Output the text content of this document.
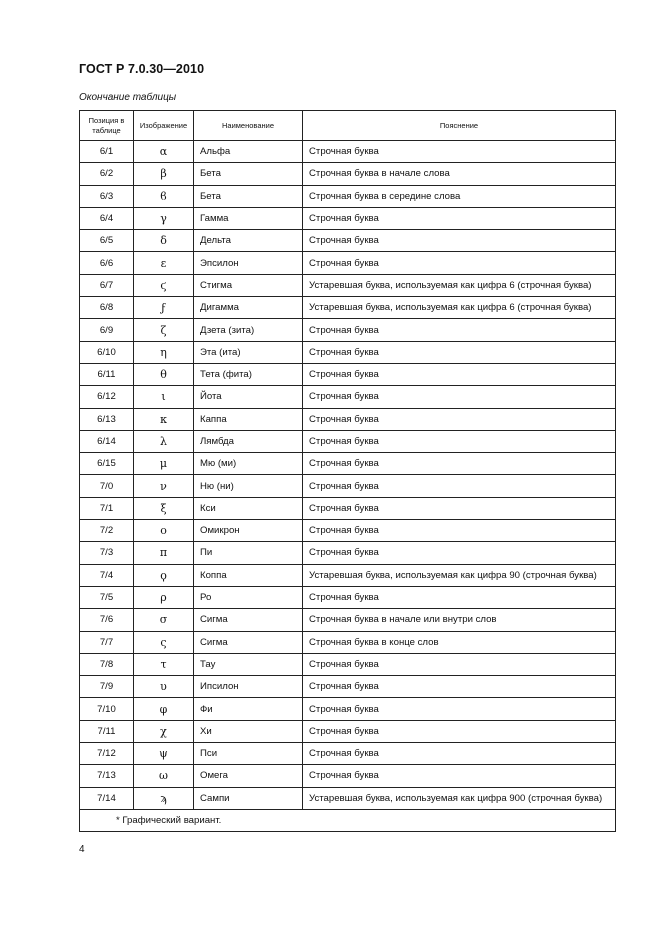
ГОСТ Р 7.0.30—2010
Окончание таблицы
Позиция в таблице	Изображение	Наименование	Пояснение
6/1	α	Альфа	Строчная буква
6/2	β	Бета	Строчная буква в начале слова
6/3	ϐ	Бета	Строчная буква в середине слова
6/4	γ	Гамма	Строчная буква
6/5	δ	Дельта	Строчная буква
6/6	ε	Эпсилон	Строчная буква
6/7	ϛ	Стигма	Устаревшая буква, используемая как цифра 6 (строчная буква)
6/8	ϝ	Дигамма	Устаревшая буква, используемая как цифра 6 (строчная буква)
6/9	ζ	Дзета (зита)	Строчная буква
6/10	η	Эта (ита)	Строчная буква
6/11	θ	Тета (фита)	Строчная буква
6/12	ι	Йота	Строчная буква
6/13	κ	Каппа	Строчная буква
6/14	λ	Лямбда	Строчная буква
6/15	μ	Мю (ми)	Строчная буква
7/0	ν	Ню (ни)	Строчная буква
7/1	ξ	Кси	Строчная буква
7/2	ο	Омикрон	Строчная буква
7/3	π	Пи	Строчная буква
7/4	ϙ	Коппа	Устаревшая буква, используемая как цифра 90 (строчная буква)
7/5	ρ	Ро	Строчная буква
7/6	σ	Сигма	Строчная буква в начале или внутри слов
7/7	ς	Сигма	Строчная буква в конце слов
7/8	τ	Тау	Строчная буква
7/9	υ	Ипсилон	Строчная буква
7/10	φ	Фи	Строчная буква
7/11	χ	Хи	Строчная буква
7/12	ψ	Пси	Строчная буква
7/13	ω	Омега	Строчная буква
7/14	ϡ	Сампи	Устаревшая буква, используемая как цифра 900 (строчная буква)
* Графический вариант.			
4
